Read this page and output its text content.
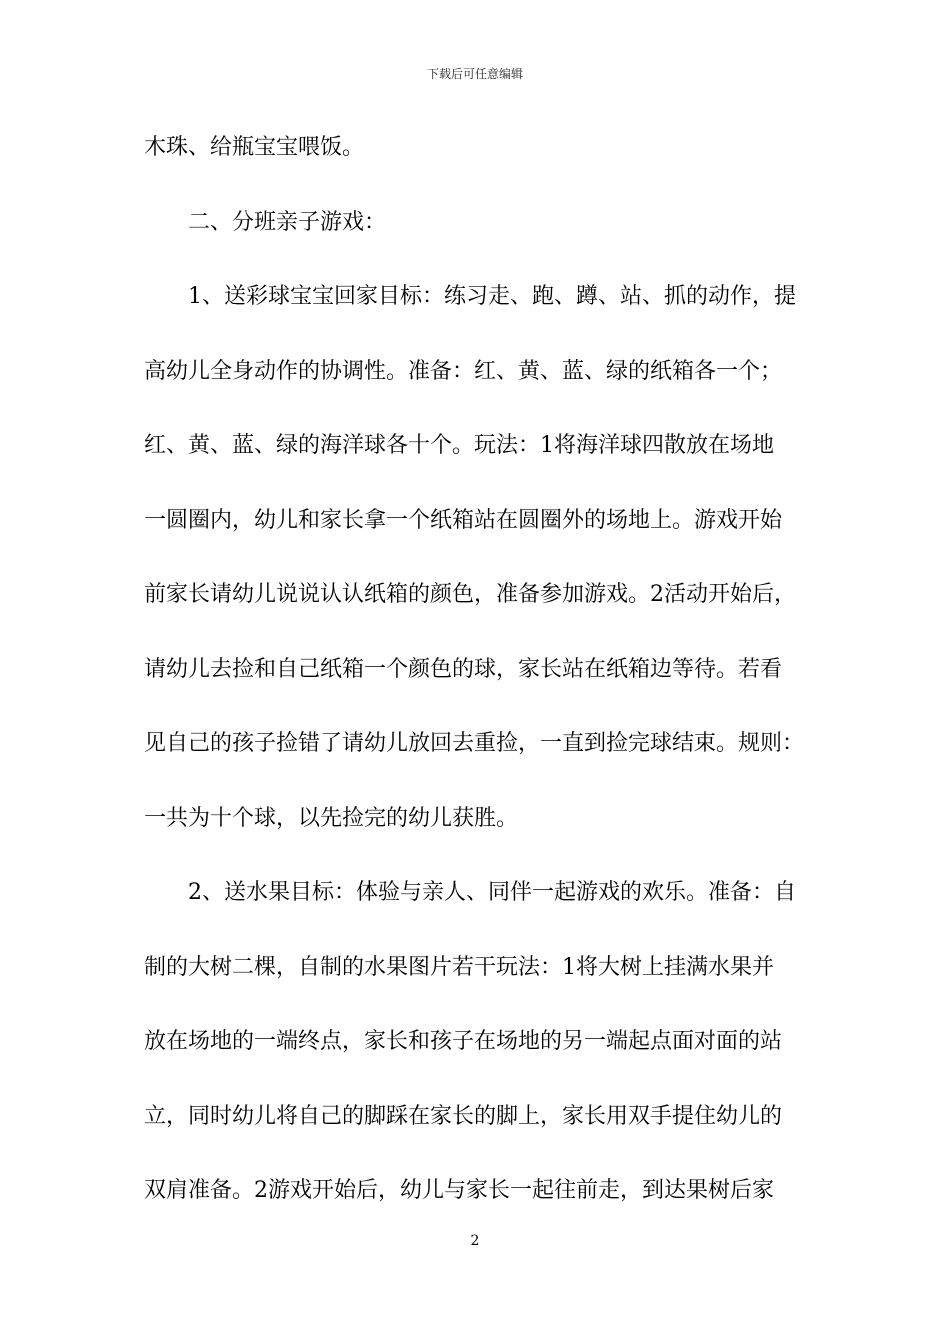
下载后可任意编辑
木珠、给瓶宝宝喂饭。
二、分班亲子游戏：
1、送彩球宝宝回家目标：练习走、跑、蹲、站、抓的动作，提
高幼儿全身动作的协调性。准备：红、黄、蓝、绿的纸箱各一个；
红、黄、蓝、绿的海洋球各十个。玩法：1将海洋球四散放在场地
一圆圈内，幼儿和家长拿一个纸箱站在圆圈外的场地上。游戏开始
前家长请幼儿说说认认纸箱的颜色，准备参加游戏。2活动开始后，
请幼儿去捡和自己纸箱一个颜色的球，家长站在纸箱边等待。若看
见自己的孩子捡错了请幼儿放回去重捡，一直到捡完球结束。规则：
一共为十个球，以先捡完的幼儿获胜。
2、送水果目标：体验与亲人、同伴一起游戏的欢乐。准备：自
制的大树二棵，自制的水果图片若干玩法：1将大树上挂满水果并
放在场地的一端终点，家长和孩子在场地的另一端起点面对面的站
立，同时幼儿将自己的脚踩在家长的脚上，家长用双手提住幼儿的
双肩准备。2游戏开始后，幼儿与家长一起往前走，到达果树后家
2
